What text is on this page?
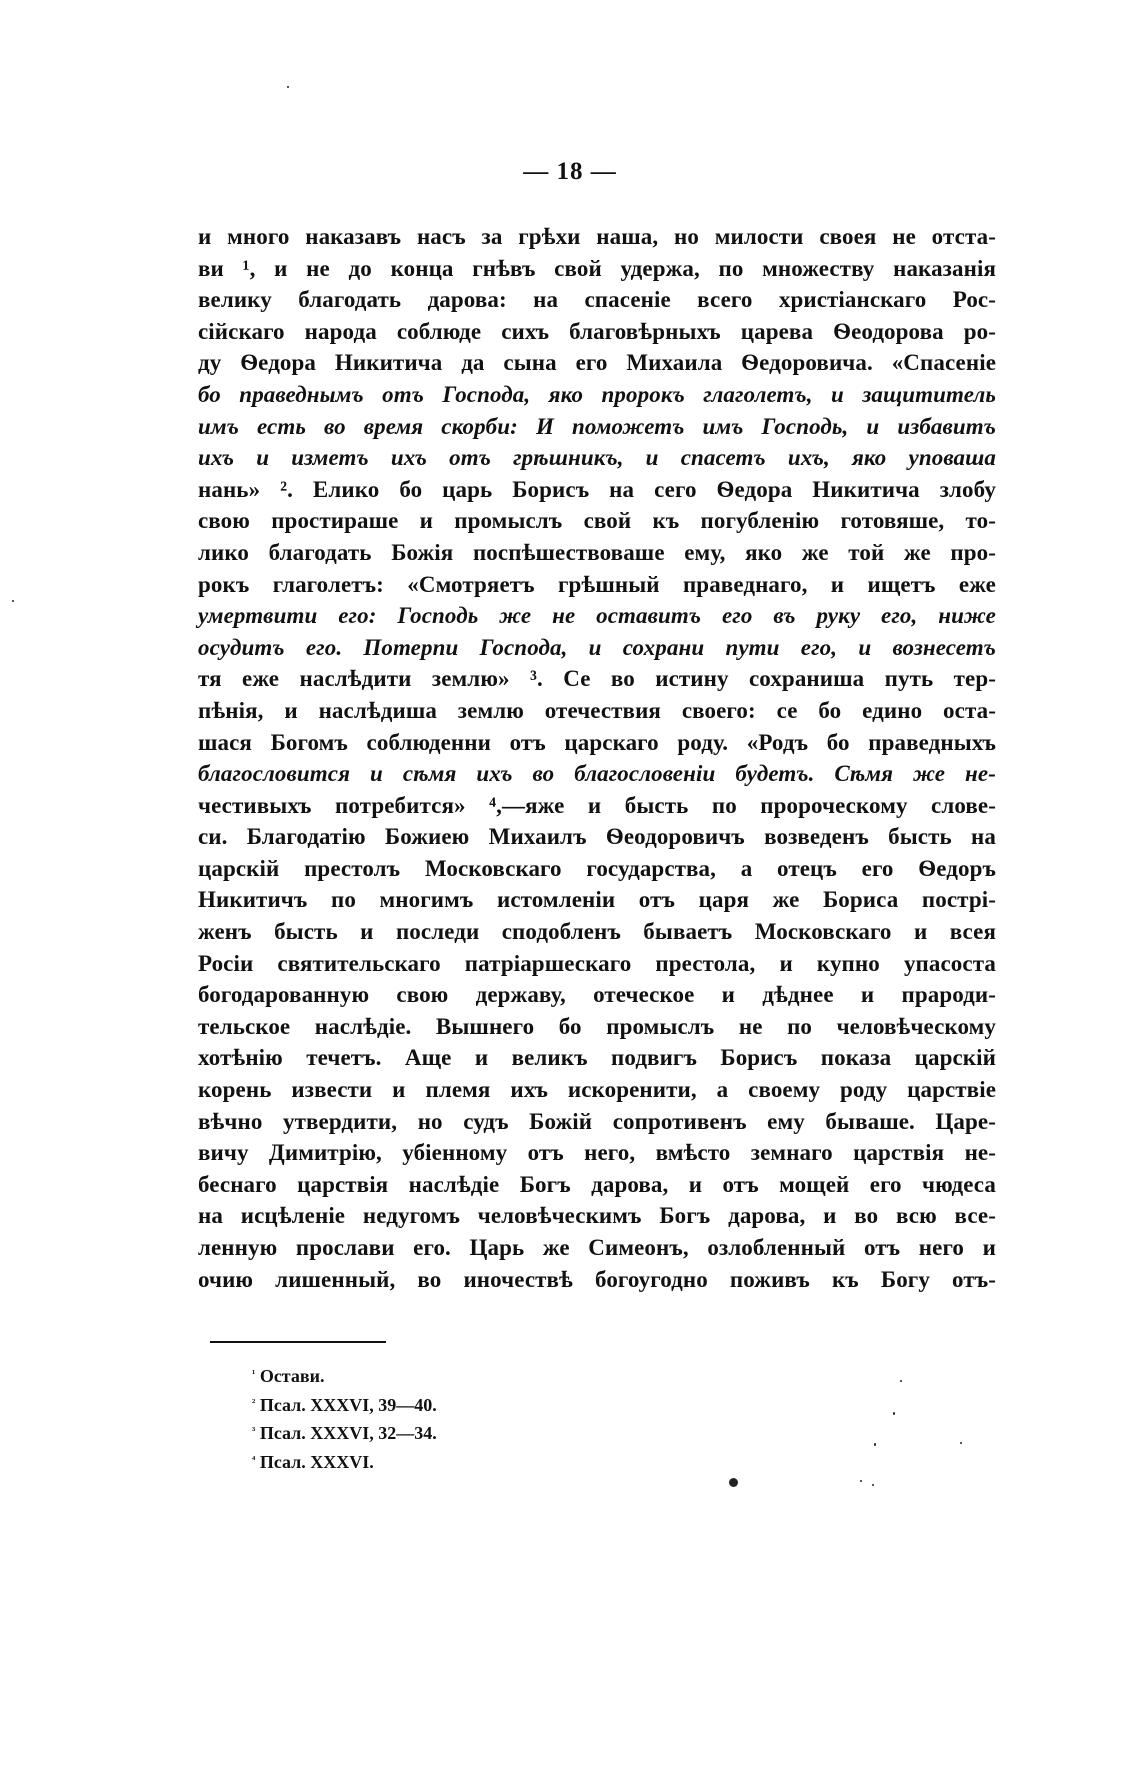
— 18 —
и много наказавъ насъ за грѣхи наша, но милости своея не отста-
ви ¹, и не до конца гнѣвъ свой удержа, по множеству наказанія
велику благодать дарова: на спасеніе всего христіанскаго Рос-
сійскаго народа соблюде сихъ благовѣрныхъ царева Ѳеодорова ро-
ду Ѳедора Никитича да сына его Михаила Ѳедоровича. «Спасеніе
бо праведнымъ отъ Господа, яко пророкъ глаголетъ, и защититель
имъ есть во время скорби: И поможетъ имъ Господь, и избавитъ
ихъ и изметъ ихъ отъ грѣшникъ, и спасетъ ихъ, яко уповаша
нань» ². Елико бо царь Борисъ на сего Ѳедора Никитича злобу
свою простираше и промыслъ свой къ погубленію готовяше, то-
лико благодать Божія поспѣшествоваше ему, яко же той же про-
рокъ глаголетъ: «Смотряетъ грѣшный праведнаго, и ищетъ еже
умертвити его: Господь же не оставитъ его въ руку его, ниже
осудитъ его. Потерпи Господа, и сохрани пути его, и вознесетъ
тя еже наслѣдити землю» ³. Се во истину сохраниша путь тер-
пѣнія, и наслѣдиша землю отечествия своего: се бо едино оста-
шася Богомъ соблюденни отъ царскаго роду. «Родъ бо праведныхъ
благословится и сѣмя ихъ во благословеніи будетъ. Сѣмя же не-
честивыхъ потребится» ⁴,—яже и бысть по пророческому слове-
си. Благодатію Божиею Михаилъ Ѳеодоровичъ возведенъ бысть на
царскій престолъ Московскаго государства, а отецъ его Ѳедоръ
Никитичъ по многимъ истомленіи отъ царя же Бориса пострі-
женъ бысть и последи сподобленъ бываетъ Московскаго и всея
Росіи святительскаго патріаршескаго престола, и купно упасоста
богодарованную свою державу, отеческое и дѣднее и прароди-
тельское наслѣдіе. Вышнего бо промыслъ не по человѣческому
хотѣнію течетъ. Аще и великъ подвигъ Борисъ показа царскій
корень извести и племя ихъ искоренити, а своему роду царствіе
вѣчно утвердити, но судъ Божій сопротивенъ ему бываше. Царе-
вичу Димитрію, убіенному отъ него, вмѣсто земнаго царствія не-
беснаго царствія наслѣдіе Богъ дарова, и отъ мощей его чюдеса
на исцѣленіе недугомъ человѣческимъ Богъ дарова, и во всю все-
ленную прослави его. Царь же Симеонъ, озлобленный отъ него и
очию лишенный, во иночествѣ богоугодно поживъ къ Богу отъ-
$^{^1}$ Остави.
$^{^2}$ Псал. XXXVI, 39—40.
$^{^3}$ Псал. XXXVI, 32—34.
$^{^4}$ Псал. XXXVI.
